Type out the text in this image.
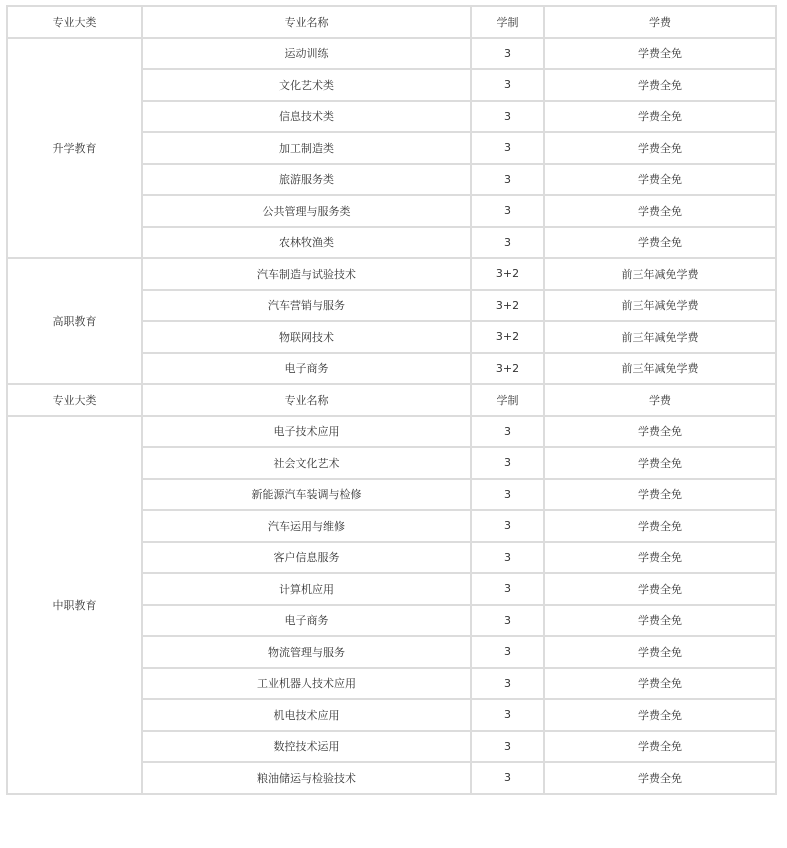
专业大类	专业名称	学制	学费
升学教育	运动训练	3	学费全免
	文化艺术类	3	学费全免
	信息技术类	3	学费全免
	加工制造类	3	学费全免
	旅游服务类	3	学费全免
	公共管理与服务类	3	学费全免
	农林牧渔类	3	学费全免
高职教育	汽车制造与试验技术	3+2	前三年减免学费
	汽车营销与服务	3+2	前三年减免学费
	物联网技术	3+2	前三年减免学费
	电子商务	3+2	前三年减免学费
专业大类	专业名称	学制	学费
中职教育	电子技术应用	3	学费全免
	社会文化艺术	3	学费全免
	新能源汽车装调与检修	3	学费全免
	汽车运用与维修	3	学费全免
	客户信息服务	3	学费全免
	计算机应用	3	学费全免
	电子商务	3	学费全免
	物流管理与服务	3	学费全免
	工业机器人技术应用	3	学费全免
	机电技术应用	3	学费全免
	数控技术运用	3	学费全免
	粮油储运与检验技术	3	学费全免
